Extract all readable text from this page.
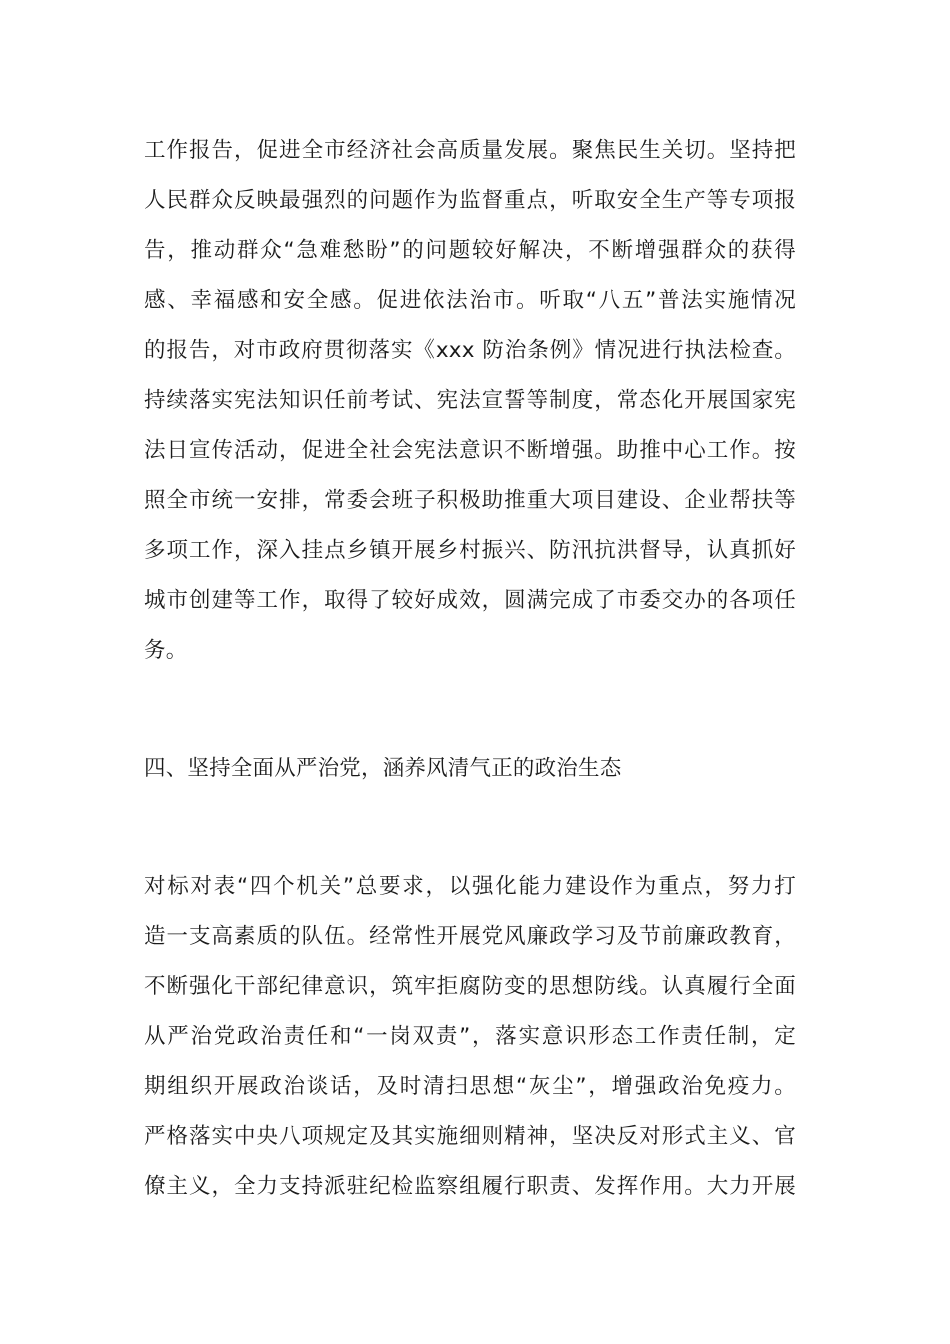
工作报告，促进全市经济社会高质量发展。聚焦民生关切。坚持把
人民群众反映最强烈的问题作为监督重点，听取安全生产等专项报
告，推动群众“急难愁盼”的问题较好解决，不断增强群众的获得
感、幸福感和安全感。促进依法治市。听取“八五”普法实施情况
的报告，对市政府贯彻落实《xxx 防治条例》情况进行执法检查。
持续落实宪法知识任前考试、宪法宣誓等制度，常态化开展国家宪
法日宣传活动，促进全社会宪法意识不断增强。助推中心工作。按
照全市统一安排，常委会班子积极助推重大项目建设、企业帮扶等
多项工作，深入挂点乡镇开展乡村振兴、防汛抗洪督导，认真抓好
城市创建等工作，取得了较好成效，圆满完成了市委交办的各项任
务。
四、坚持全面从严治党，涵养风清气正的政治生态
对标对表“四个机关”总要求，以强化能力建设作为重点，努力打
造一支高素质的队伍。经常性开展党风廉政学习及节前廉政教育，
不断强化干部纪律意识，筑牢拒腐防变的思想防线。认真履行全面
从严治党政治责任和“一岗双责”，落实意识形态工作责任制，定
期组织开展政治谈话，及时清扫思想“灰尘”，增强政治免疫力。
严格落实中央八项规定及其实施细则精神，坚决反对形式主义、官
僚主义，全力支持派驻纪检监察组履行职责、发挥作用。大力开展
